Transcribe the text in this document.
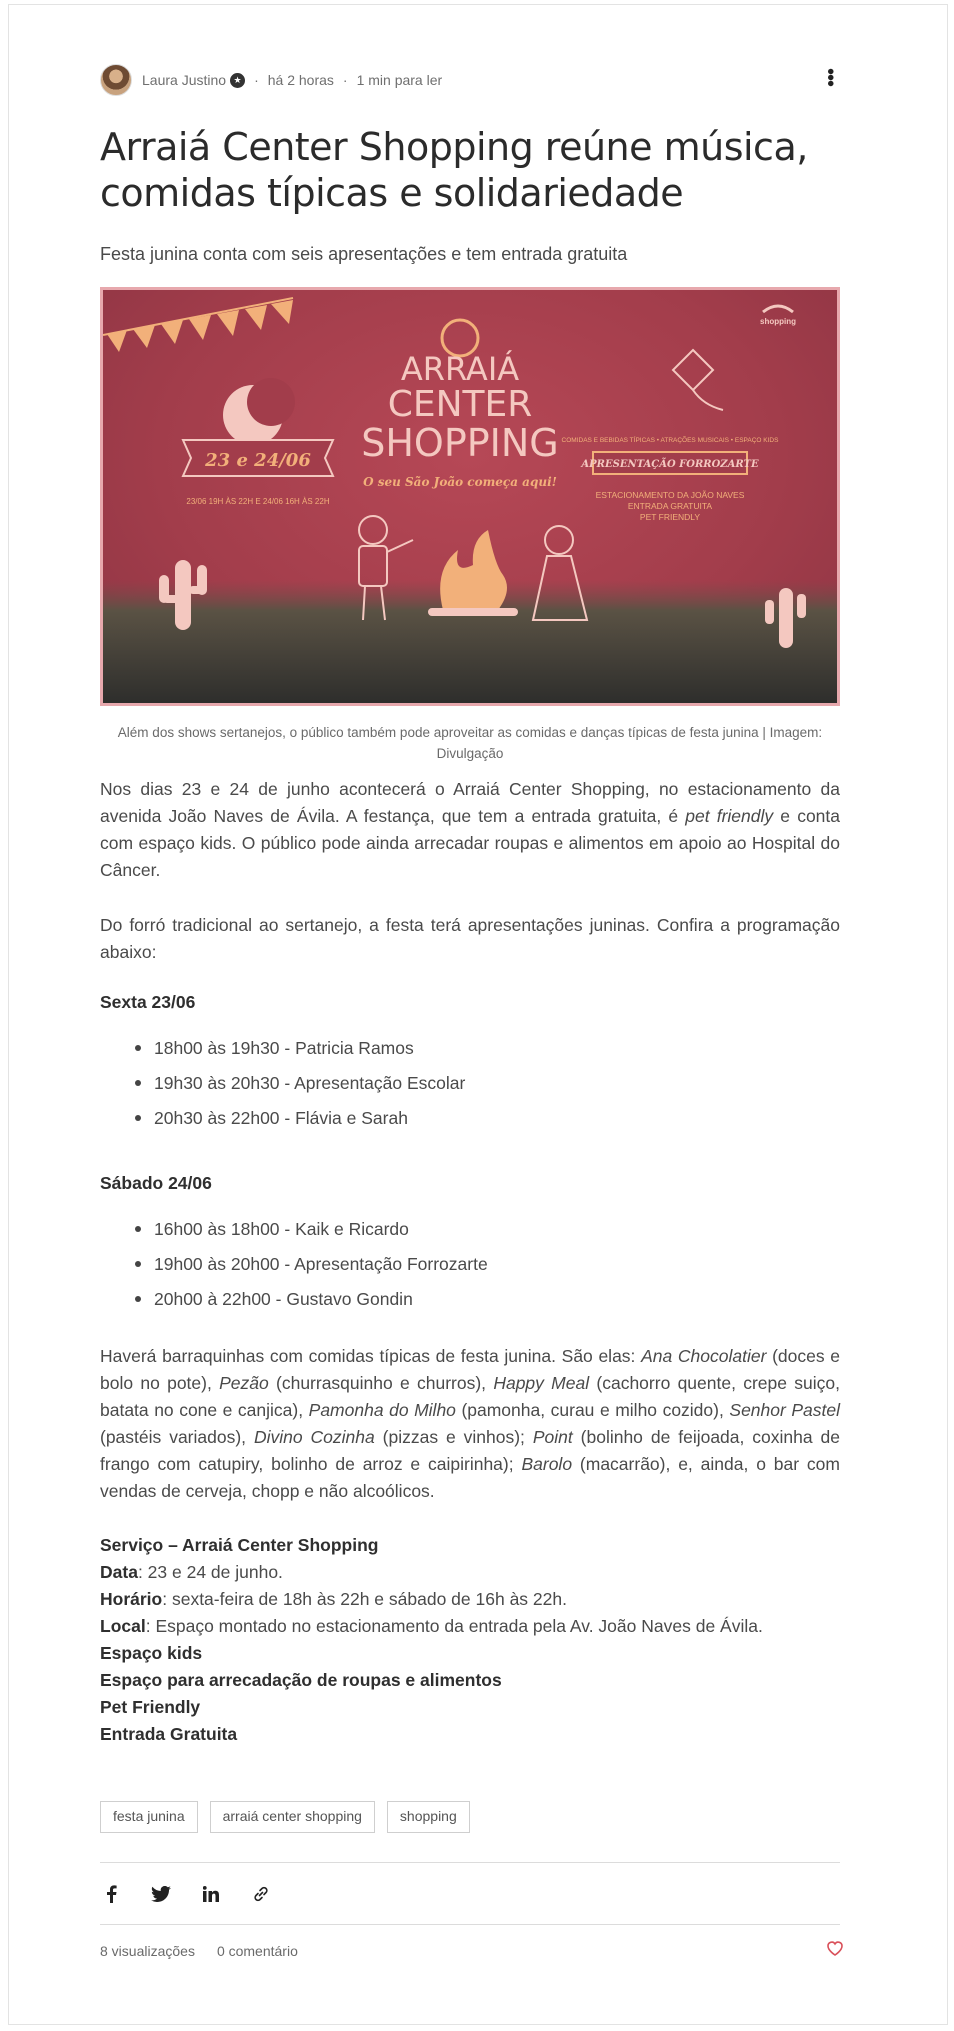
Laura Justino ★ · há 2 horas · 1 min para ler	•••
Arraiá Center Shopping reúne música, comidas típicas e solidariedade
Festa junina conta com seis apresentações e tem entrada gratuita
23 e 24/06
23/06 19H ÀS 22H E 24/06 16H ÀS 22H
ARRAIÁ
CENTER
SHOPPING
O seu São João começa aqui!
shopping
COMIDAS E BEBIDAS TÍPICAS • ATRAÇÕES MUSICAIS • ESPAÇO KIDS
APRESENTAÇÃO FORROZARTE
ESTACIONAMENTO DA JOÃO NAVES
ENTRADA GRATUITA
PET FRIENDLY
Além dos shows sertanejos, o público também pode aproveitar as comidas e danças típicas de festa junina | Imagem: Divulgação
Nos dias 23 e 24 de junho acontecerá o Arraiá Center Shopping, no estacionamento da avenida João Naves de Ávila. A festança, que tem a entrada gratuita, é pet friendly e conta com espaço kids. O público pode ainda arrecadar roupas e alimentos em apoio ao Hospital do Câncer.
Do forró tradicional ao sertanejo, a festa terá apresentações juninas. Confira a programação abaixo:
Sexta 23/06
18h00 às 19h30 - Patricia Ramos
19h30 às 20h30 - Apresentação Escolar
20h30 às 22h00 - Flávia e Sarah
Sábado 24/06
16h00 às 18h00 - Kaik e Ricardo
19h00 às 20h00 - Apresentação Forrozarte
20h00 à 22h00 - Gustavo Gondin
Haverá barraquinhas com comidas típicas de festa junina. São elas: Ana Chocolatier (doces e bolo no pote), Pezão (churrasquinho e churros), Happy Meal (cachorro quente, crepe suiço, batata no cone e canjica), Pamonha do Milho (pamonha, curau e milho cozido), Senhor Pastel (pastéis variados), Divino Cozinha (pizzas e vinhos); Point (bolinho de feijoada, coxinha de frango com catupiry, bolinho de arroz e caipirinha); Barolo (macarrão), e, ainda, o bar com vendas de cerveja, chopp e não alcoólicos.
Serviço – Arraiá Center Shopping
Data: 23 e 24 de junho.
Horário: sexta-feira de 18h às 22h e sábado de 16h às 22h.
Local: Espaço montado no estacionamento da entrada pela Av. João Naves de Ávila.
Espaço kids
Espaço para arrecadação de roupas e alimentos
Pet Friendly
Entrada Gratuita
festa junina	arraiá center shopping	shopping
8 visualizações 0 comentário
